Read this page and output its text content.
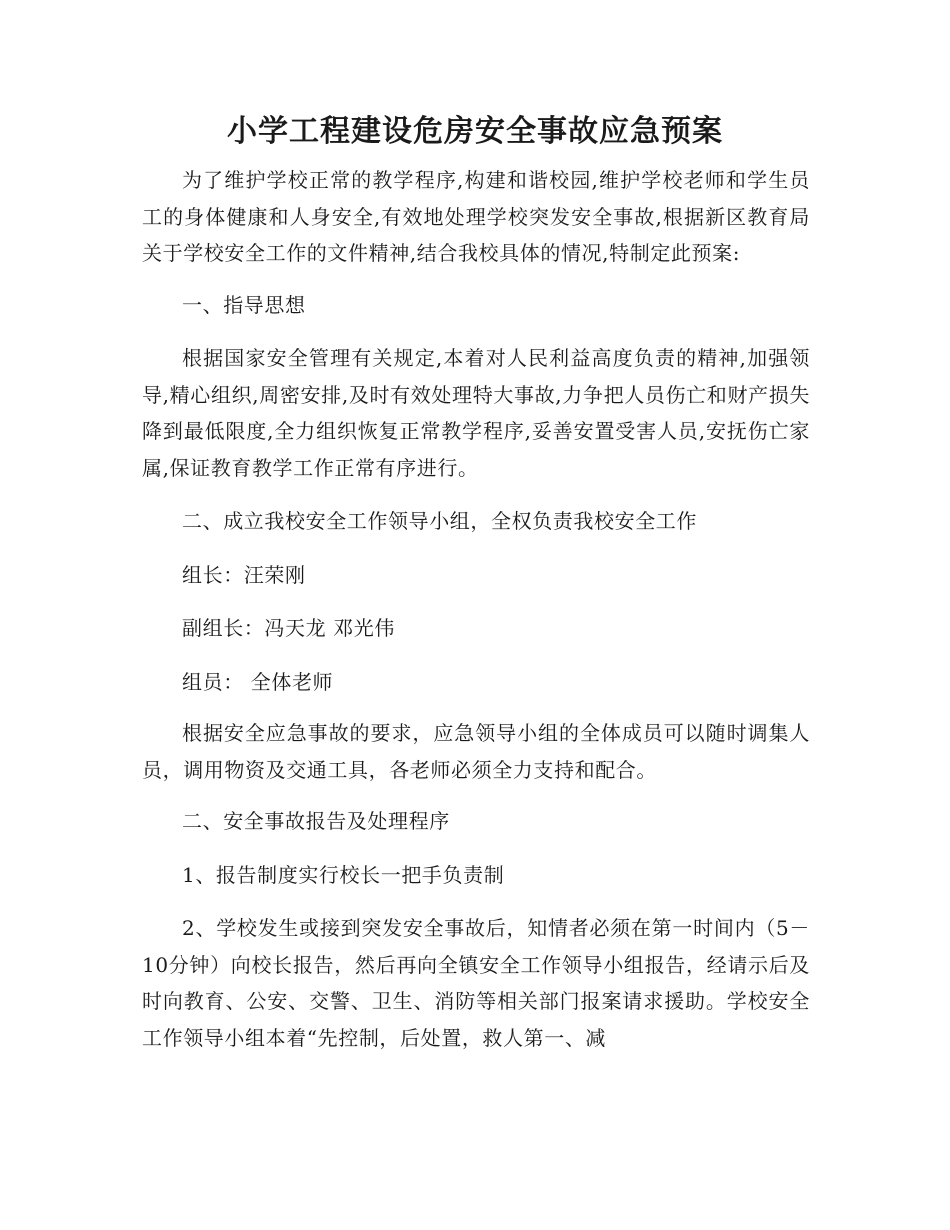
小学工程建设危房安全事故应急预案

为了维护学校正常的教学程序,构建和谐校园,维护学校老师和学生员工的身体健康和人身安全,有效地处理学校突发安全事故,根据新区教育局关于学校安全工作的文件精神,结合我校具体的情况,特制定此预案:

一、指导思想

根据国家安全管理有关规定,本着对人民利益高度负责的精神,加强领导,精心组织,周密安排,及时有效处理特大事故,力争把人员伤亡和财产损失降到最低限度,全力组织恢复正常教学程序,妥善安置受害人员,安抚伤亡家属,保证教育教学工作正常有序进行。

二、成立我校安全工作领导小组，全权负责我校安全工作

组长：汪荣刚

副组长：冯天龙 邓光伟

组员： 全体老师

根据安全应急事故的要求，应急领导小组的全体成员可以随时调集人员，调用物资及交通工具，各老师必须全力支持和配合。

二、安全事故报告及处理程序

1、报告制度实行校长一把手负责制

2、学校发生或接到突发安全事故后，知情者必须在第一时间内（5－10分钟）向校长报告，然后再向全镇安全工作领导小组报告，经请示后及时向教育、公安、交警、卫生、消防等相关部门报案请求援助。学校安全工作领导小组本着“先控制，后处置，救人第一、减
